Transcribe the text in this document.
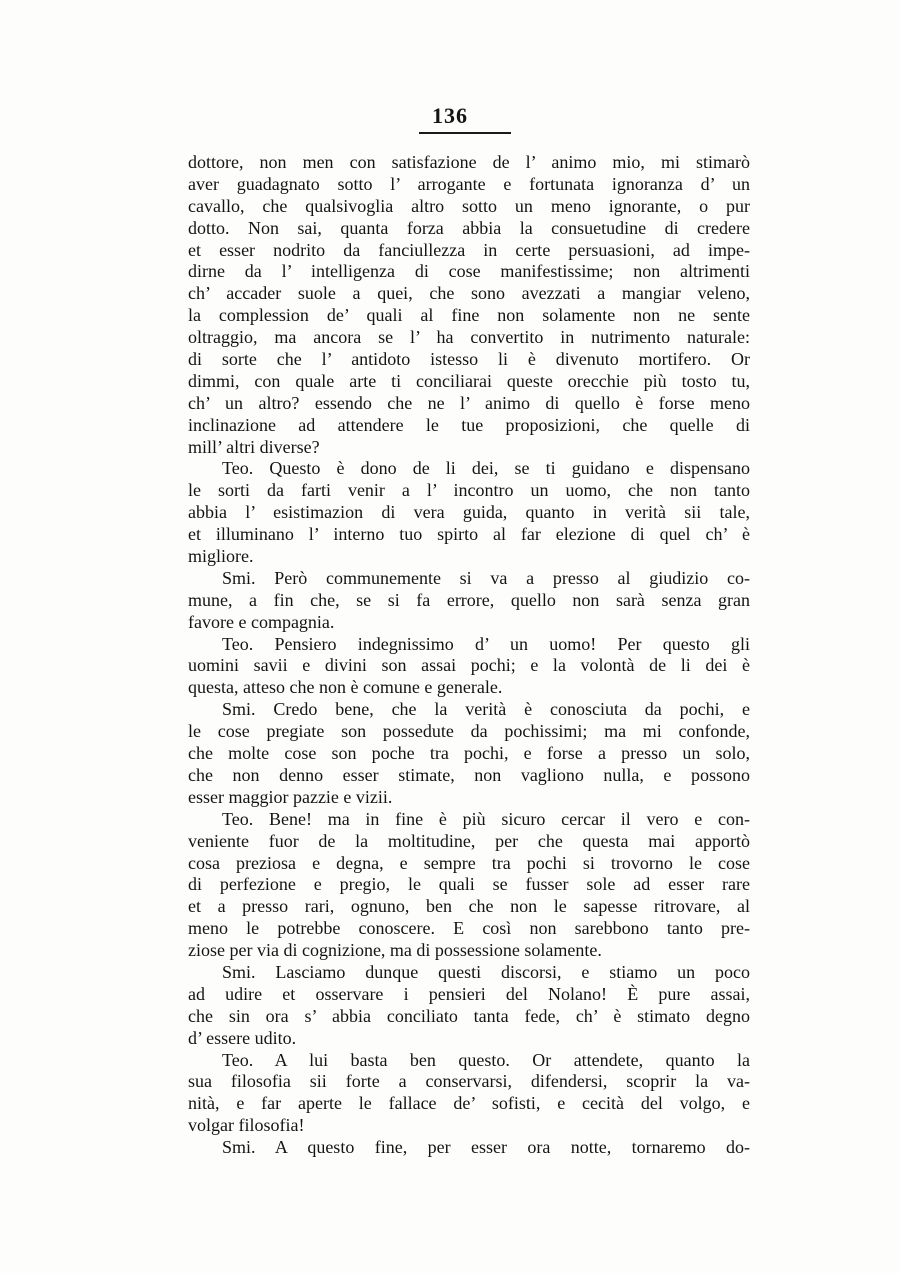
136
dottore, non men con satisfazione de l’ animo mio, mi stimarò
aver guadagnato sotto l’ arrogante e fortunata ignoranza d’ un
cavallo, che qualsivoglia altro sotto un meno ignorante, o pur
dotto. Non sai, quanta forza abbia la consuetudine di credere
et esser nodrito da fanciullezza in certe persuasioni, ad impe-
dirne da l’ intelligenza di cose manifestissime; non altrimenti
ch’ accader suole a quei, che sono avezzati a mangiar veleno,
la complession de’ quali al fine non solamente non ne sente
oltraggio, ma ancora se l’ ha convertito in nutrimento naturale:
di sorte che l’ antidoto istesso li è divenuto mortifero. Or
dimmi, con quale arte ti conciliarai queste orecchie più tosto tu,
ch’ un altro? essendo che ne l’ animo di quello è forse meno
inclinazione ad attendere le tue proposizioni, che quelle di
mill’ altri diverse?
Teo. Questo è dono de li dei, se ti guidano e dispensano
le sorti da farti venir a l’ incontro un uomo, che non tanto
abbia l’ esistimazion di vera guida, quanto in verità sii tale,
et illuminano l’ interno tuo spirto al far elezione di quel ch’ è
migliore.
Smi. Però communemente si va a presso al giudizio co-
mune, a fin che, se si fa errore, quello non sarà senza gran
favore e compagnia.
Teo. Pensiero indegnissimo d’ un uomo! Per questo gli
uomini savii e divini son assai pochi; e la volontà de li dei è
questa, atteso che non è comune e generale.
Smi. Credo bene, che la verità è conosciuta da pochi, e
le cose pregiate son possedute da pochissimi; ma mi confonde,
che molte cose son poche tra pochi, e forse a presso un solo,
che non denno esser stimate, non vagliono nulla, e possono
esser maggior pazzie e vizii.
Teo. Bene! ma in fine è più sicuro cercar il vero e con-
veniente fuor de la moltitudine, per che questa mai apportò
cosa preziosa e degna, e sempre tra pochi si trovorno le cose
di perfezione e pregio, le quali se fusser sole ad esser rare
et a presso rari, ognuno, ben che non le sapesse ritrovare, al
meno le potrebbe conoscere. E così non sarebbono tanto pre-
ziose per via di cognizione, ma di possessione solamente.
Smi. Lasciamo dunque questi discorsi, e stiamo un poco
ad udire et osservare i pensieri del Nolano! È pure assai,
che sin ora s’ abbia conciliato tanta fede, ch’ è stimato degno
d’ essere udito.
Teo. A lui basta ben questo. Or attendete, quanto la
sua filosofia sii forte a conservarsi, difendersi, scoprir la va-
nità, e far aperte le fallace de’ sofisti, e cecità del volgo, e
volgar filosofia!
Smi. A questo fine, per esser ora notte, tornaremo do-
